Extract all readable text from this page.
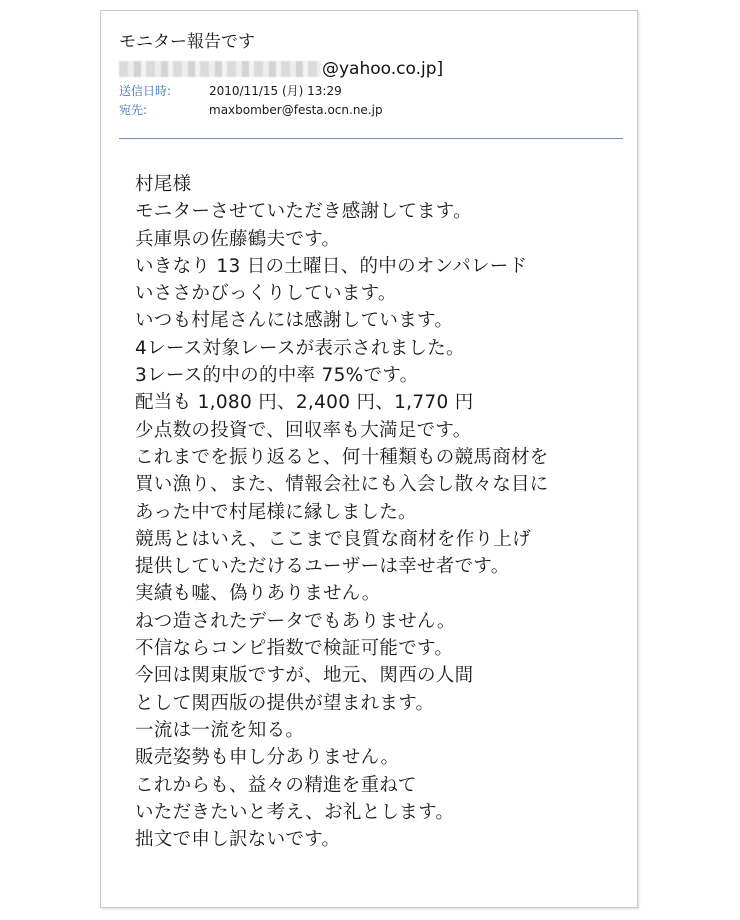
モニター報告です

@yahoo.co.jp]
送信日時:	2010/11/15 (月) 13:29
宛先:	maxbomber@festa.ocn.ne.jp
村尾様
モニターさせていただき感謝してます。
兵庫県の佐藤鶴夫です。
いきなり 13 日の土曜日、的中のオンパレード
いささかびっくりしています。
いつも村尾さんには感謝しています。
4レース対象レースが表示されました。
3レース的中の的中率 75%です。
配当も 1,080 円、2,400 円、1,770 円
少点数の投資で、回収率も大満足です。
これまでを振り返ると、何十種類もの競馬商材を
買い漁り、また、情報会社にも入会し散々な目に
あった中で村尾様に縁しました。
競馬とはいえ、ここまで良質な商材を作り上げ
提供していただけるユーザーは幸せ者です。
実績も嘘、偽りありません。
ねつ造されたデータでもありません。
不信ならコンピ指数で検証可能です。
今回は関東版ですが、地元、関西の人間
として関西版の提供が望まれます。
一流は一流を知る。
販売姿勢も申し分ありません。
これからも、益々の精進を重ねて
いただきたいと考え、お礼とします。
拙文で申し訳ないです。
